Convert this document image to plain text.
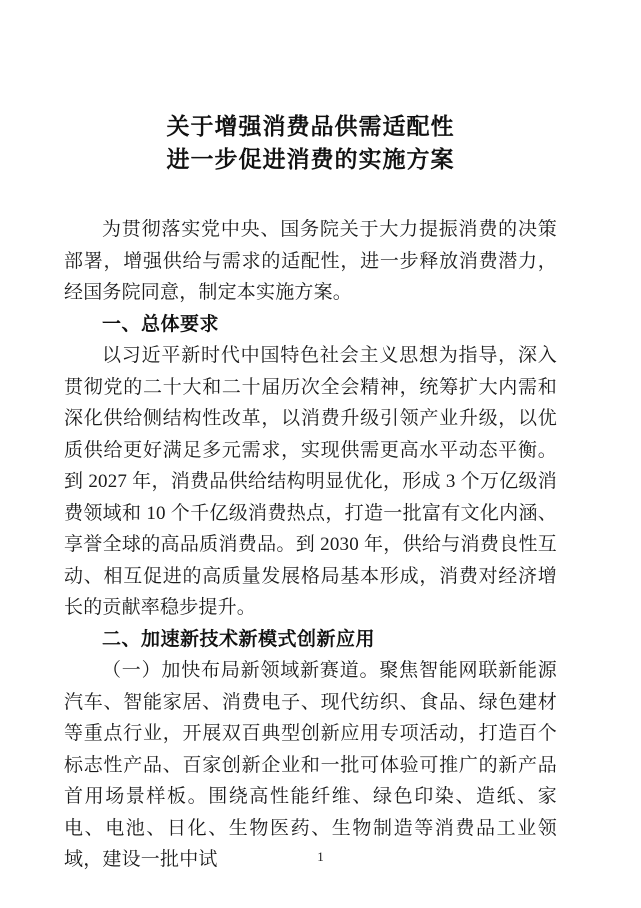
关于增强消费品供需适配性
进一步促进消费的实施方案

为贯彻落实党中央、国务院关于大力提振消费的决策部署，增强供给与需求的适配性，进一步释放消费潜力，经国务院同意，制定本实施方案。

一、总体要求

以习近平新时代中国特色社会主义思想为指导，深入贯彻党的二十大和二十届历次全会精神，统筹扩大内需和深化供给侧结构性改革，以消费升级引领产业升级，以优质供给更好满足多元需求，实现供需更高水平动态平衡。到 2027 年，消费品供给结构明显优化，形成 3 个万亿级消费领域和 10 个千亿级消费热点，打造一批富有文化内涵、享誉全球的高品质消费品。到 2030 年，供给与消费良性互动、相互促进的高质量发展格局基本形成，消费对经济增长的贡献率稳步提升。

二、加速新技术新模式创新应用

（一）加快布局新领域新赛道。聚焦智能网联新能源汽车、智能家居、消费电子、现代纺织、食品、绿色建材等重点行业，开展双百典型创新应用专项活动，打造百个标志性产品、百家创新企业和一批可体验可推广的新产品首用场景样板。围绕高性能纤维、绿色印染、造纸、家电、电池、日化、生物医药、生物制造等消费品工业领域，建设一批中试	1
